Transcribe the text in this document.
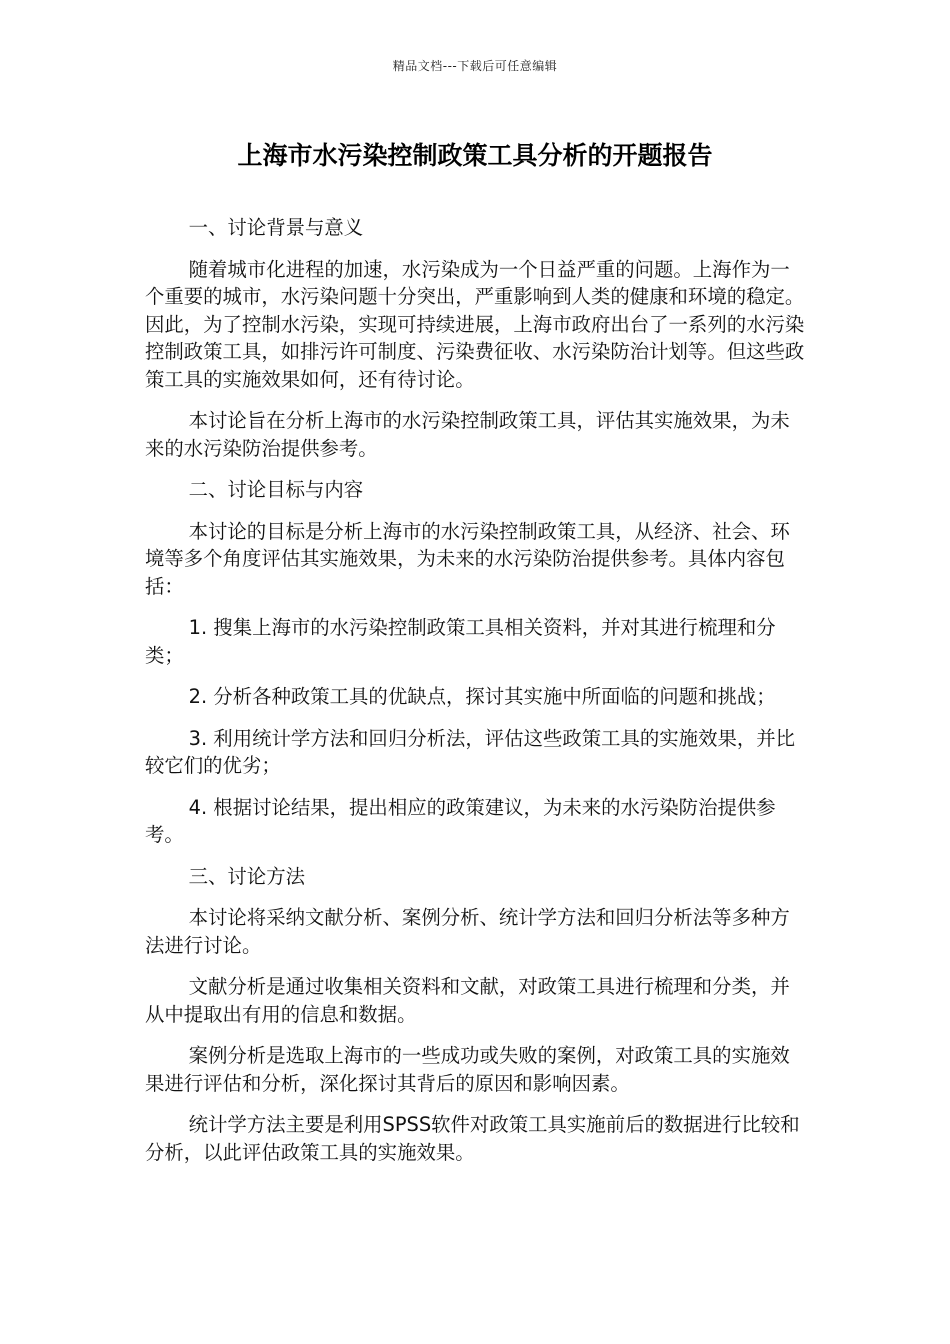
精品文档---下载后可任意编辑
上海市水污染控制政策工具分析的开题报告

一、讨论背景与意义

随着城市化进程的加速，水污染成为一个日益严重的问题。上海作为一个重要的城市，水污染问题十分突出，严重影响到人类的健康和环境的稳定。因此，为了控制水污染，实现可持续进展，上海市政府出台了一系列的水污染控制政策工具，如排污许可制度、污染费征收、水污染防治计划等。但这些政策工具的实施效果如何，还有待讨论。

本讨论旨在分析上海市的水污染控制政策工具，评估其实施效果，为未来的水污染防治提供参考。

二、讨论目标与内容

本讨论的目标是分析上海市的水污染控制政策工具，从经济、社会、环境等多个角度评估其实施效果，为未来的水污染防治提供参考。具体内容包括：

1. 搜集上海市的水污染控制政策工具相关资料，并对其进行梳理和分类；

2. 分析各种政策工具的优缺点，探讨其实施中所面临的问题和挑战；

3. 利用统计学方法和回归分析法，评估这些政策工具的实施效果，并比较它们的优劣；

4. 根据讨论结果，提出相应的政策建议，为未来的水污染防治提供参考。

三、讨论方法

本讨论将采纳文献分析、案例分析、统计学方法和回归分析法等多种方法进行讨论。

文献分析是通过收集相关资料和文献，对政策工具进行梳理和分类，并从中提取出有用的信息和数据。

案例分析是选取上海市的一些成功或失败的案例，对政策工具的实施效果进行评估和分析，深化探讨其背后的原因和影响因素。

统计学方法主要是利用SPSS软件对政策工具实施前后的数据进行比较和分析，以此评估政策工具的实施效果。
